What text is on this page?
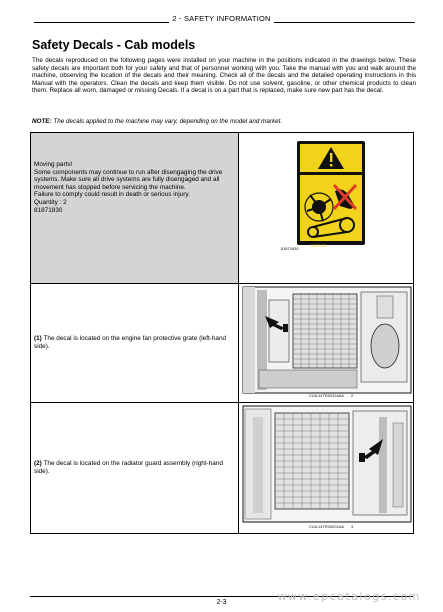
2 - SAFETY INFORMATION
Safety Decals - Cab models
The decals reproduced on the following pages were installed on your machine in the positions indicated in the drawings below. These safety decals are important both for your safety and that of personnel working with you. Take the manual with you and walk around the machine, observing the location of the decals and their meaning. Check all of the decals and the detailed operating instructions in this Manual with the operators. Clean the decals and keep them visible. Do not use solvent, gasoline, or other chemical products to clean them. Replace all worn, damaged or missing Decals. If a decal is on a part that is replaced, make sure new part has the decal.
NOTE: The decals applied to the machine may vary, depending on the model and market.
Moving parts!
Some components may continue to run after disengaging the drive systems. Make sure all drive systems are fully disengaged and all movement has stopped before servicing the machine.
Failure to comply could result in death or serious injury.
Quantity : 2
81871830	81871830
81871830

(1) The decal is located on the engine fan protective grate (left-hand side).	CUIL14TR00194AA 2

(2) The decal is located on the radiator guard assembly (right-hand side).	CUIL14TR00201AA 3
2-3	www.epcatalogs.com
